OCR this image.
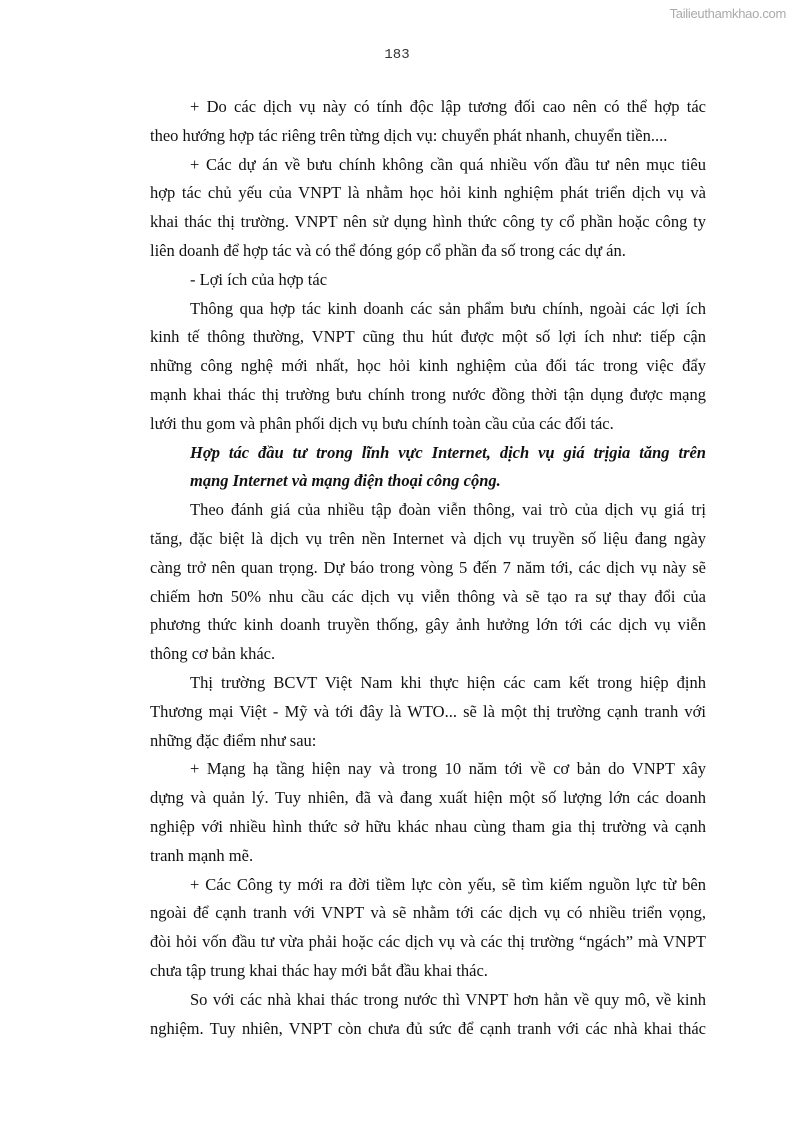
Tailieuthamkhao.com
183
+ Do các dịch vụ này có tính độc lập tương đối cao nên có thể hợp tác
theo hướng hợp tác riêng trên từng dịch vụ: chuyển phát nhanh, chuyển tiền....
+ Các dự án về bưu chính không cần quá nhiều vốn đầu tư nên mục tiêu
hợp tác chủ yếu của VNPT là nhằm học hỏi kinh nghiệm phát triển dịch vụ và
khai thác thị trường. VNPT nên sử dụng hình thức công ty cổ phần hoặc công ty
liên doanh để hợp tác và có thể đóng góp cổ phần đa số trong các dự án.
- Lợi ích của hợp tác
Thông qua hợp tác kinh doanh các sản phẩm bưu chính, ngoài các lợi ích
kinh tế thông thường, VNPT cũng thu hút được một số lợi ích như: tiếp cận
những công nghệ mới nhất, học hỏi kinh nghiệm của đối tác trong việc đẩy
mạnh khai thác thị trường bưu chính trong nước đồng thời tận dụng được mạng
lưới thu gom và phân phối dịch vụ bưu chính toàn cầu của các đối tác.
Hợp tác đầu tư trong lĩnh vực Internet, dịch vụ giá trịgia tăng trên
mạng Internet và mạng điện thoại công cộng.
Theo đánh giá của nhiều tập đoàn viễn thông, vai trò của dịch vụ giá trị
tăng, đặc biệt là dịch vụ trên nền Internet và dịch vụ truyền số liệu đang ngày
càng trở nên quan trọng. Dự báo trong vòng 5 đến 7 năm tới, các dịch vụ này sẽ
chiếm hơn 50% nhu cầu các dịch vụ viễn thông và sẽ tạo ra sự thay đổi của
phương thức kinh doanh truyền thống, gây ảnh hưởng lớn tới các dịch vụ viễn
thông cơ bản khác.
Thị trường BCVT Việt Nam khi thực hiện các cam kết trong hiệp định
Thương mại Việt - Mỹ và tới đây là WTO... sẽ là một thị trường cạnh tranh với
những đặc điểm như sau:
+ Mạng hạ tầng hiện nay và trong 10 năm tới về cơ bản do VNPT xây
dựng và quản lý. Tuy nhiên, đã và đang xuất hiện một số lượng lớn các doanh
nghiệp với nhiều hình thức sở hữu khác nhau cùng tham gia thị trường và cạnh
tranh mạnh mẽ.
+ Các Công ty mới ra đời tiềm lực còn yếu, sẽ tìm kiếm nguồn lực từ bên
ngoài để cạnh tranh với VNPT và sẽ nhằm tới các dịch vụ có nhiều triển vọng,
đòi hỏi vốn đầu tư vừa phải hoặc các dịch vụ và các thị trường “ngách” mà VNPT
chưa tập trung khai thác hay mới bắt đầu khai thác.
So với các nhà khai thác trong nước thì VNPT hơn hẳn về quy mô, về kinh
nghiệm. Tuy nhiên, VNPT còn chưa đủ sức để cạnh tranh với các nhà khai thác
